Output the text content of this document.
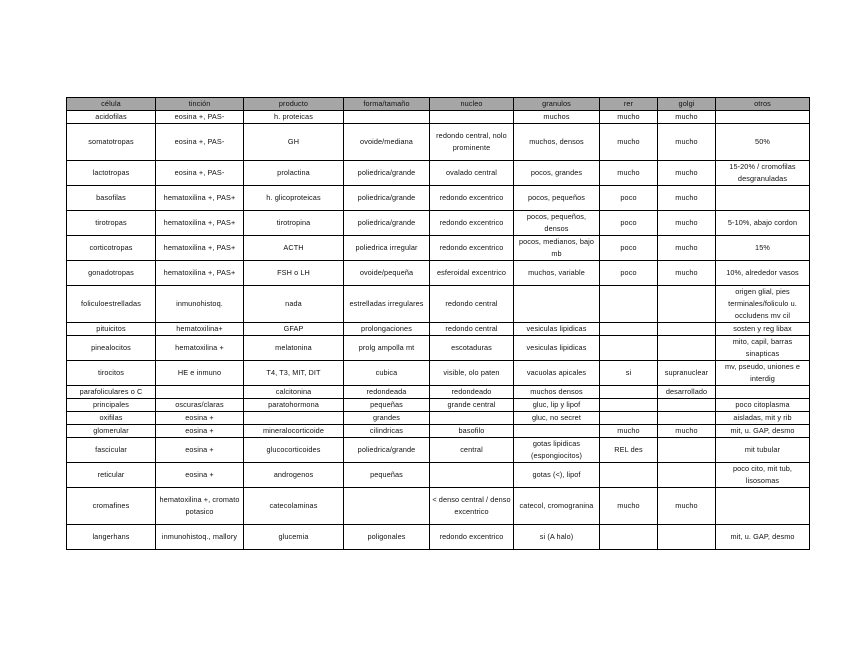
célula	tinción	producto	forma/tamaño	nucleo	granulos	rer	golgi	otros
acidofilas	eosina +, PAS-	h. proteicas			muchos	mucho	mucho	
somatotropas	eosina +, PAS-	GH	ovoide/mediana	redondo central, nolo prominente	muchos, densos	mucho	mucho	50%
lactotropas	eosina +, PAS-	prolactina	poliedrica/grande	ovalado central	pocos, grandes	mucho	mucho	15-20% / cromofilas desgranuladas
basofilas	hematoxilina +, PAS+	h. glicoproteicas	poliedrica/grande	redondo excentrico	pocos, pequeños	poco	mucho	
tirotropas	hematoxilina +, PAS+	tirotropina	poliedrica/grande	redondo excentrico	pocos, pequeños, densos	poco	mucho	5-10%, abajo cordon
corticotropas	hematoxilina +, PAS+	ACTH	poliedrica irregular	redondo excentrico	pocos, medianos, bajo mb	poco	mucho	15%
gonadotropas	hematoxilina +, PAS+	FSH o LH	ovoide/pequeña	esferoidal excentrico	muchos, variable	poco	mucho	10%, alrededor vasos
foliculoestrelladas	inmunohistoq.	nada	estrelladas irregulares	redondo central				origen glial, pies terminales/foliculo u. occludens mv cil
pituicitos	hematoxilina+	GFAP	prolongaciones	redondo central	vesiculas lipidicas			sosten y reg libax
pinealocitos	hematoxilina +	melatonina	prolg ampolla mt	escotaduras	vesiculas lipidicas			mito, capil, barras sinapticas
tirocitos	HE e inmuno	T4, T3, MIT, DIT	cubica	visible, olo paten	vacuolas apicales	si	supranuclear	mv, pseudo, uniones e interdig
parafoliculares o C		calcitonina	redondeada	redondeado	muchos densos		desarrollado	
principales	oscuras/claras	paratohormona	pequeñas	grande central	gluc, lip y lipof			poco citoplasma
oxifilas	eosina +		grandes		gluc, no secret			aisladas, mit y rib
glomerular	eosina +	mineralocorticoide	cilindricas	basofilo		mucho	mucho	mit, u. GAP, desmo
fascicular	eosina +	glucocorticoides	poliedrica/grande	central	gotas lipidicas (espongiocitos)	REL des		mit tubular
reticular	eosina +	androgenos	pequeñas		gotas (<), lipof			poco cito, mit tub, lisosomas
cromafines	hematoxilina +, cromato potasico	catecolaminas		< denso central / denso excentrico	catecol, cromogranina	mucho	mucho	
langerhans	inmunohistoq., mallory	glucemia	poligonales	redondo excentrico	si (A halo)			mit, u. GAP, desmo
